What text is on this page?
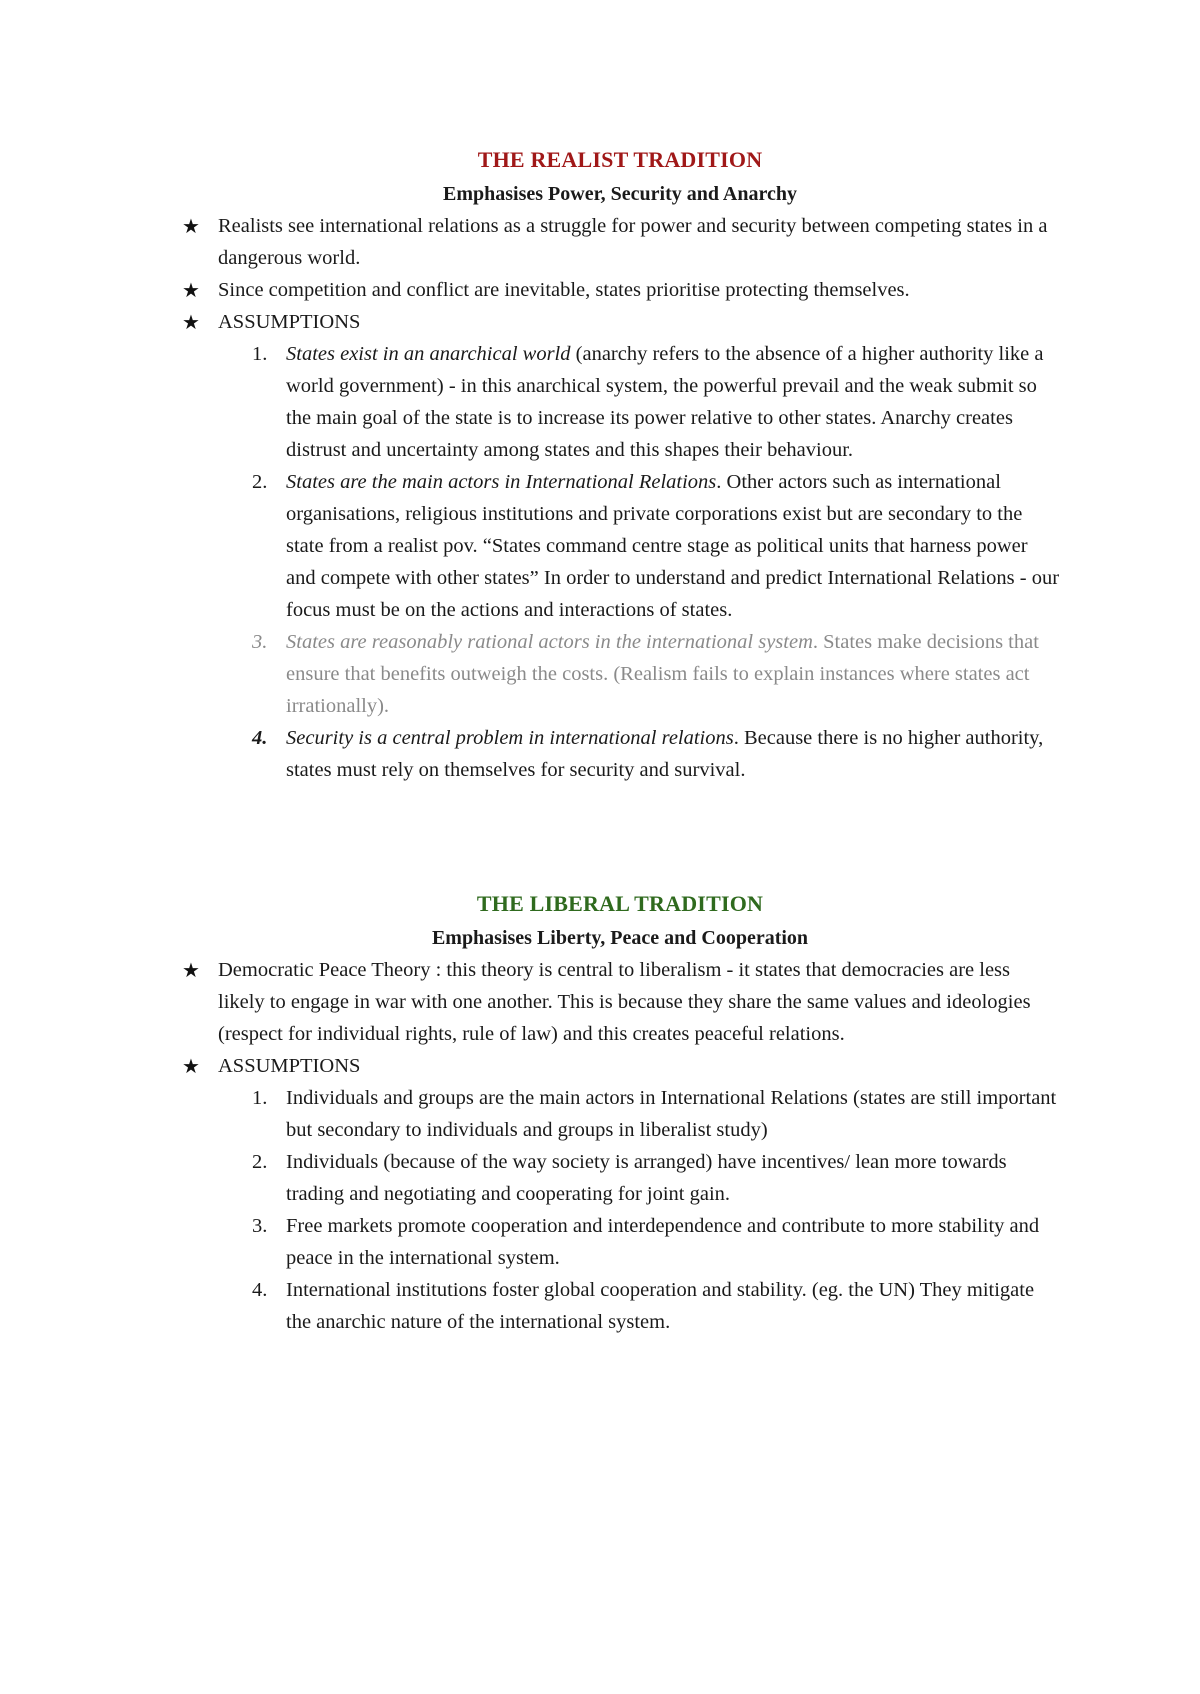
THE REALIST TRADITION
Emphasises Power, Security and Anarchy
★ Realists see international relations as a struggle for power and security between competing states in a dangerous world.
★ Since competition and conflict are inevitable, states prioritise protecting themselves.
★ ASSUMPTIONS
1. States exist in an anarchical world (anarchy refers to the absence of a higher authority like a world government) - in this anarchical system, the powerful prevail and the weak submit so the main goal of the state is to increase its power relative to other states. Anarchy creates distrust and uncertainty among states and this shapes their behaviour.
2. States are the main actors in International Relations. Other actors such as international organisations, religious institutions and private corporations exist but are secondary to the state from a realist pov. “States command centre stage as political units that harness power and compete with other states” In order to understand and predict International Relations - our focus must be on the actions and interactions of states.
3. States are reasonably rational actors in the international system. States make decisions that ensure that benefits outweigh the costs. (Realism fails to explain instances where states act irrationally).
4. Security is a central problem in international relations. Because there is no higher authority, states must rely on themselves for security and survival.
THE LIBERAL TRADITION
Emphasises Liberty, Peace and Cooperation
★ Democratic Peace Theory : this theory is central to liberalism - it states that democracies are less likely to engage in war with one another. This is because they share the same values and ideologies (respect for individual rights, rule of law) and this creates peaceful relations.
★ ASSUMPTIONS
1. Individuals and groups are the main actors in International Relations (states are still important but secondary to individuals and groups in liberalist study)
2. Individuals (because of the way society is arranged) have incentives/ lean more towards trading and negotiating and cooperating for joint gain.
3. Free markets promote cooperation and interdependence and contribute to more stability and peace in the international system.
4. International institutions foster global cooperation and stability. (eg. the UN) They mitigate the anarchic nature of the international system.
